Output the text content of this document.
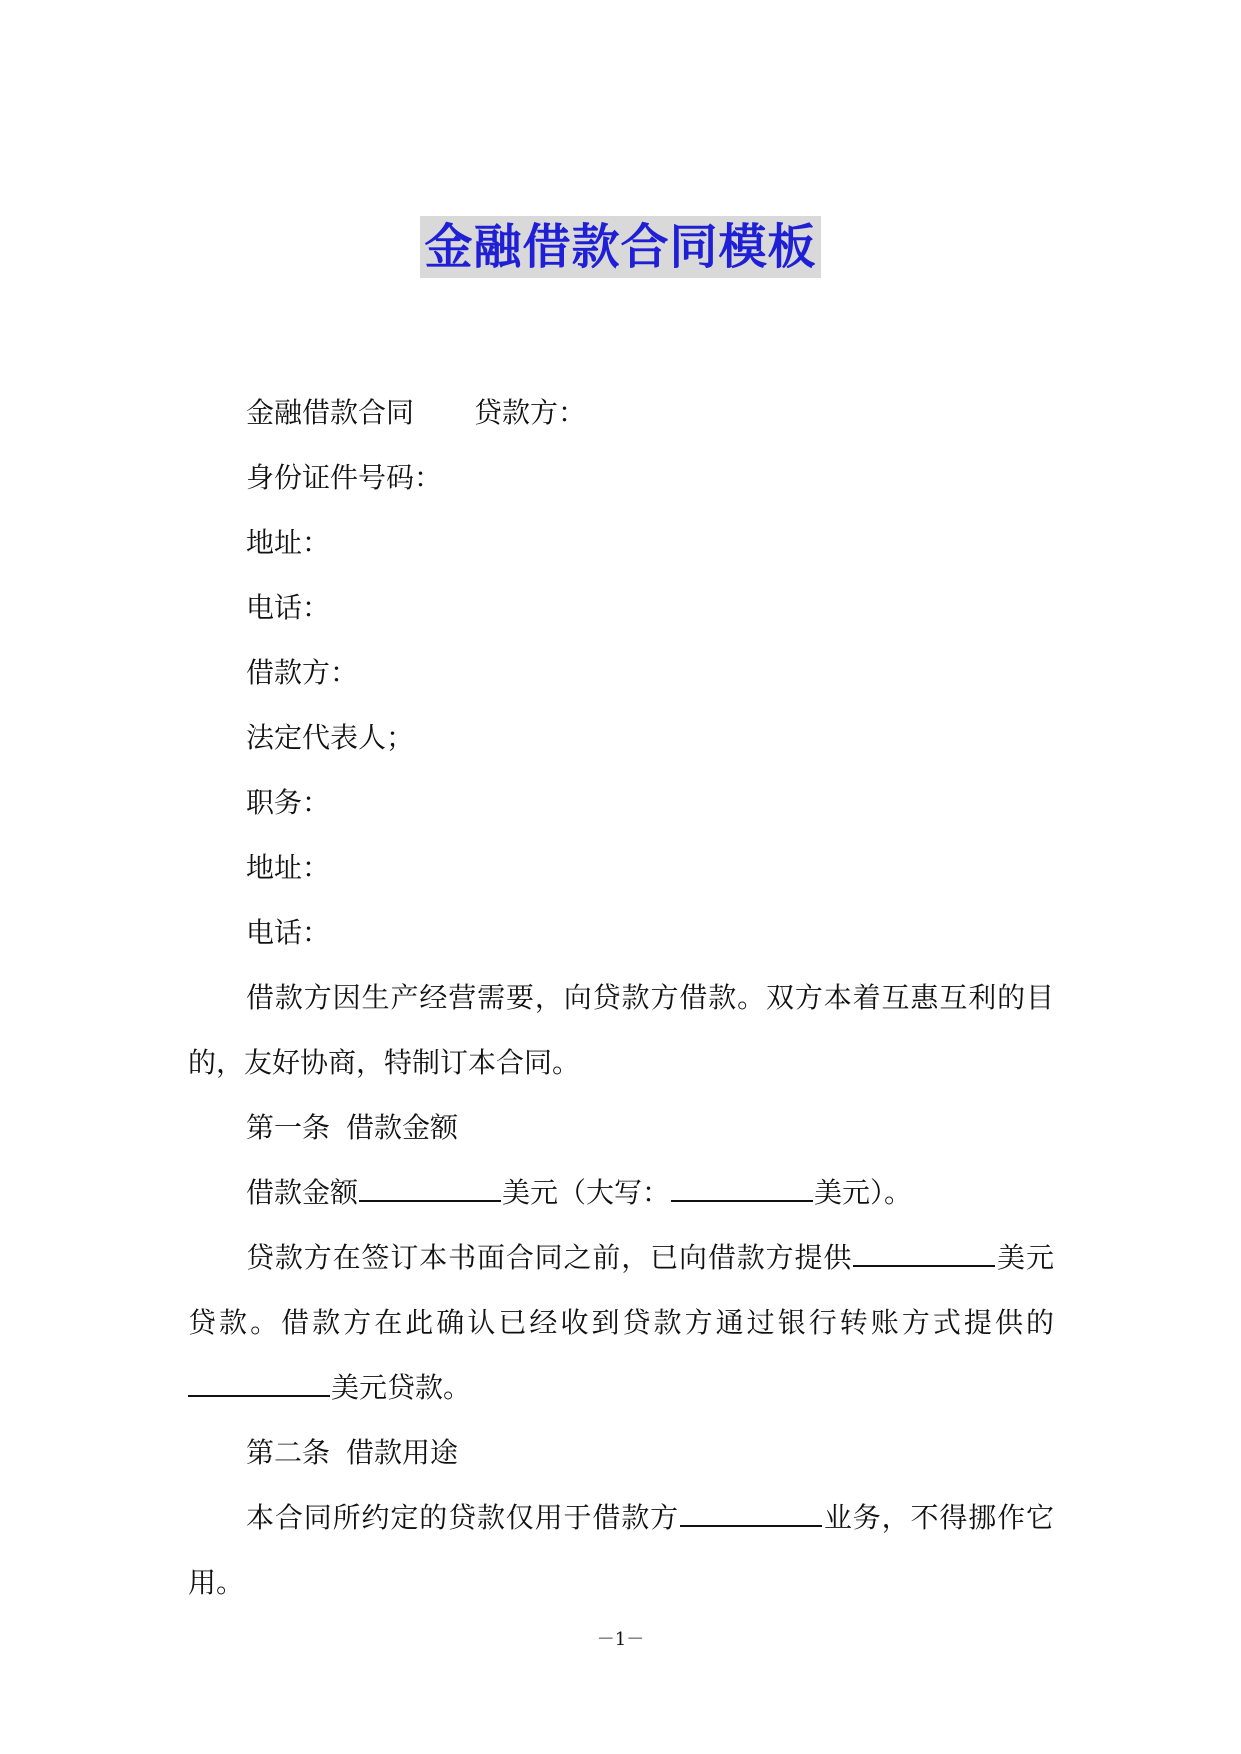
金融借款合同模板
金融借款合同 贷款方：
身份证件号码：
地址：
电话：
借款方：
法定代表人；
职务：
地址：
电话：
借款方因生产经营需要，向贷款方借款。双方本着互惠互利的目
的，友好协商，特制订本合同。
第一条 借款金额
借款金额	美元（大写：	美元）。
贷款方在签订本书面合同之前，已向借款方提供	美元
贷款。借款方在此确认已经收到贷款方通过银行转账方式提供的
美元贷款。
第二条 借款用途
本合同所约定的贷款仅用于借款方	业务，不得挪作它
用。
－1－
